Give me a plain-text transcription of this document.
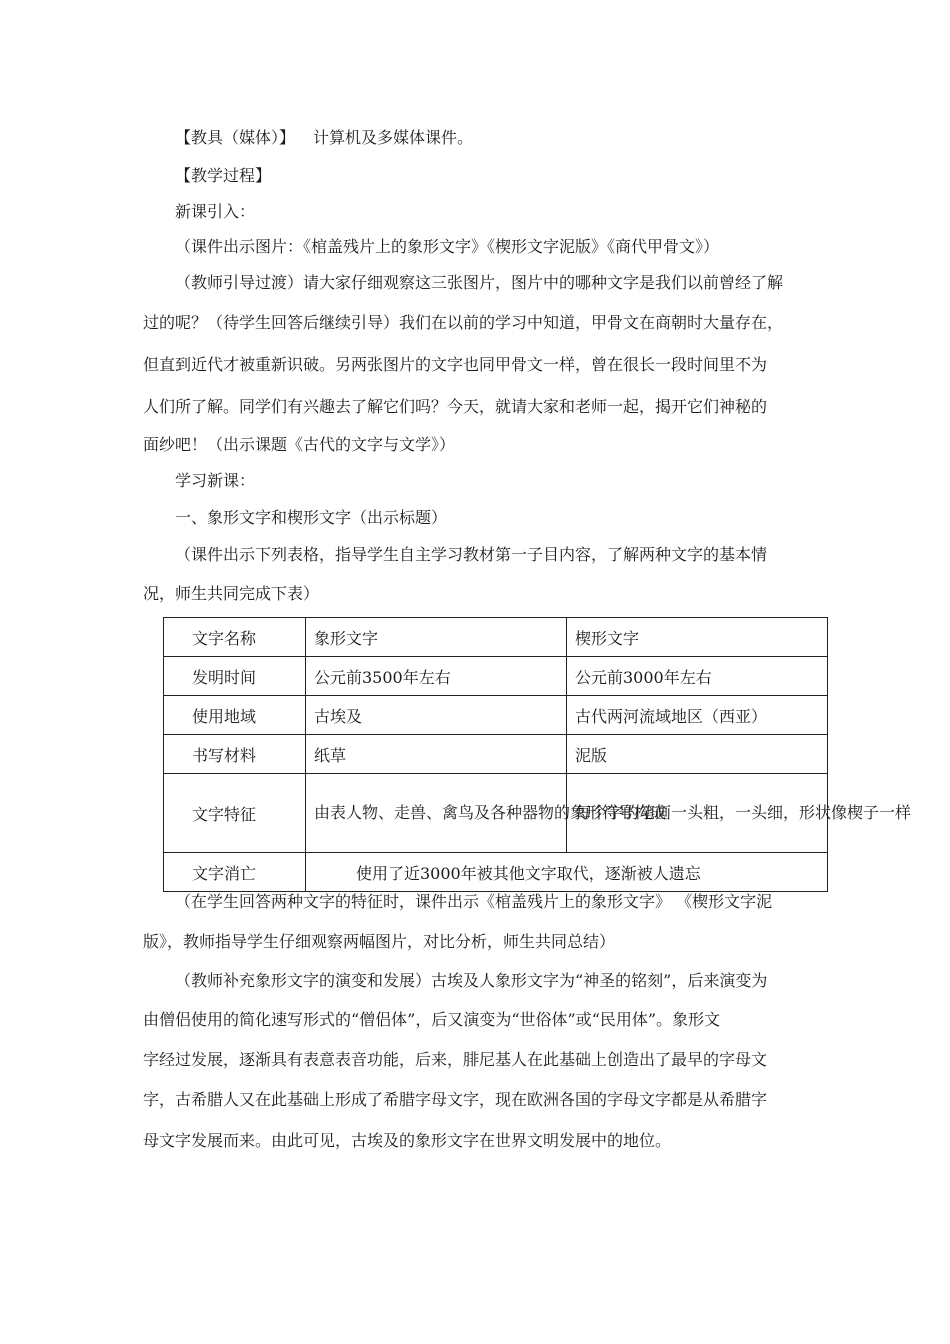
【教具（媒体）】 计算机及多媒体课件。
【教学过程】
新课引入：
（课件出示图片：《棺盖残片上的象形文字》《楔形文字泥版》《商代甲骨文》）
（教师引导过渡）请大家仔细观察这三张图片，图片中的哪种文字是我们以前曾经了解
过的呢？（待学生回答后继续引导）我们在以前的学习中知道，甲骨文在商朝时大量存在，
但直到近代才被重新识破。另两张图片的文字也同甲骨文一样，曾在很长一段时间里不为
人们所了解。同学们有兴趣去了解它们吗？今天，就请大家和老师一起，揭开它们神秘的
面纱吧！（出示课题《古代的文字与文学》）
学习新课：
一、象形文字和楔形文字（出示标题）
（课件出示下列表格，指导学生自主学习教材第一子目内容，了解两种文字的基本情
况，师生共同完成下表）
文字名称	象形文字	楔形文字
发明时间	公元前3500年左右	公元前3000年左右
使用地域	古埃及	古代两河流域地区（西亚）
书写材料	纸草	泥版
文字特征	由表人物、走兽、禽鸟及各种器物的象形符号构成	每个字的笔画一头粗，一头细，形状像楔子一样
文字消亡	使用了近3000年被其他文字取代，逐渐被人遗忘	
（在学生回答两种文字的特征时，课件出示《棺盖残片上的象形文字》 《楔形文字泥
版》，教师指导学生仔细观察两幅图片，对比分析，师生共同总结）
（教师补充象形文字的演变和发展）古埃及人象形文字为“神圣的铭刻”，后来演变为
由僧侣使用的简化速写形式的“僧侣体”，后又演变为“世俗体”或“民用体”。象形文
字经过发展，逐渐具有表意表音功能，后来，腓尼基人在此基础上创造出了最早的字母文
字，古希腊人又在此基础上形成了希腊字母文字，现在欧洲各国的字母文字都是从希腊字
母文字发展而来。由此可见，古埃及的象形文字在世界文明发展中的地位。
